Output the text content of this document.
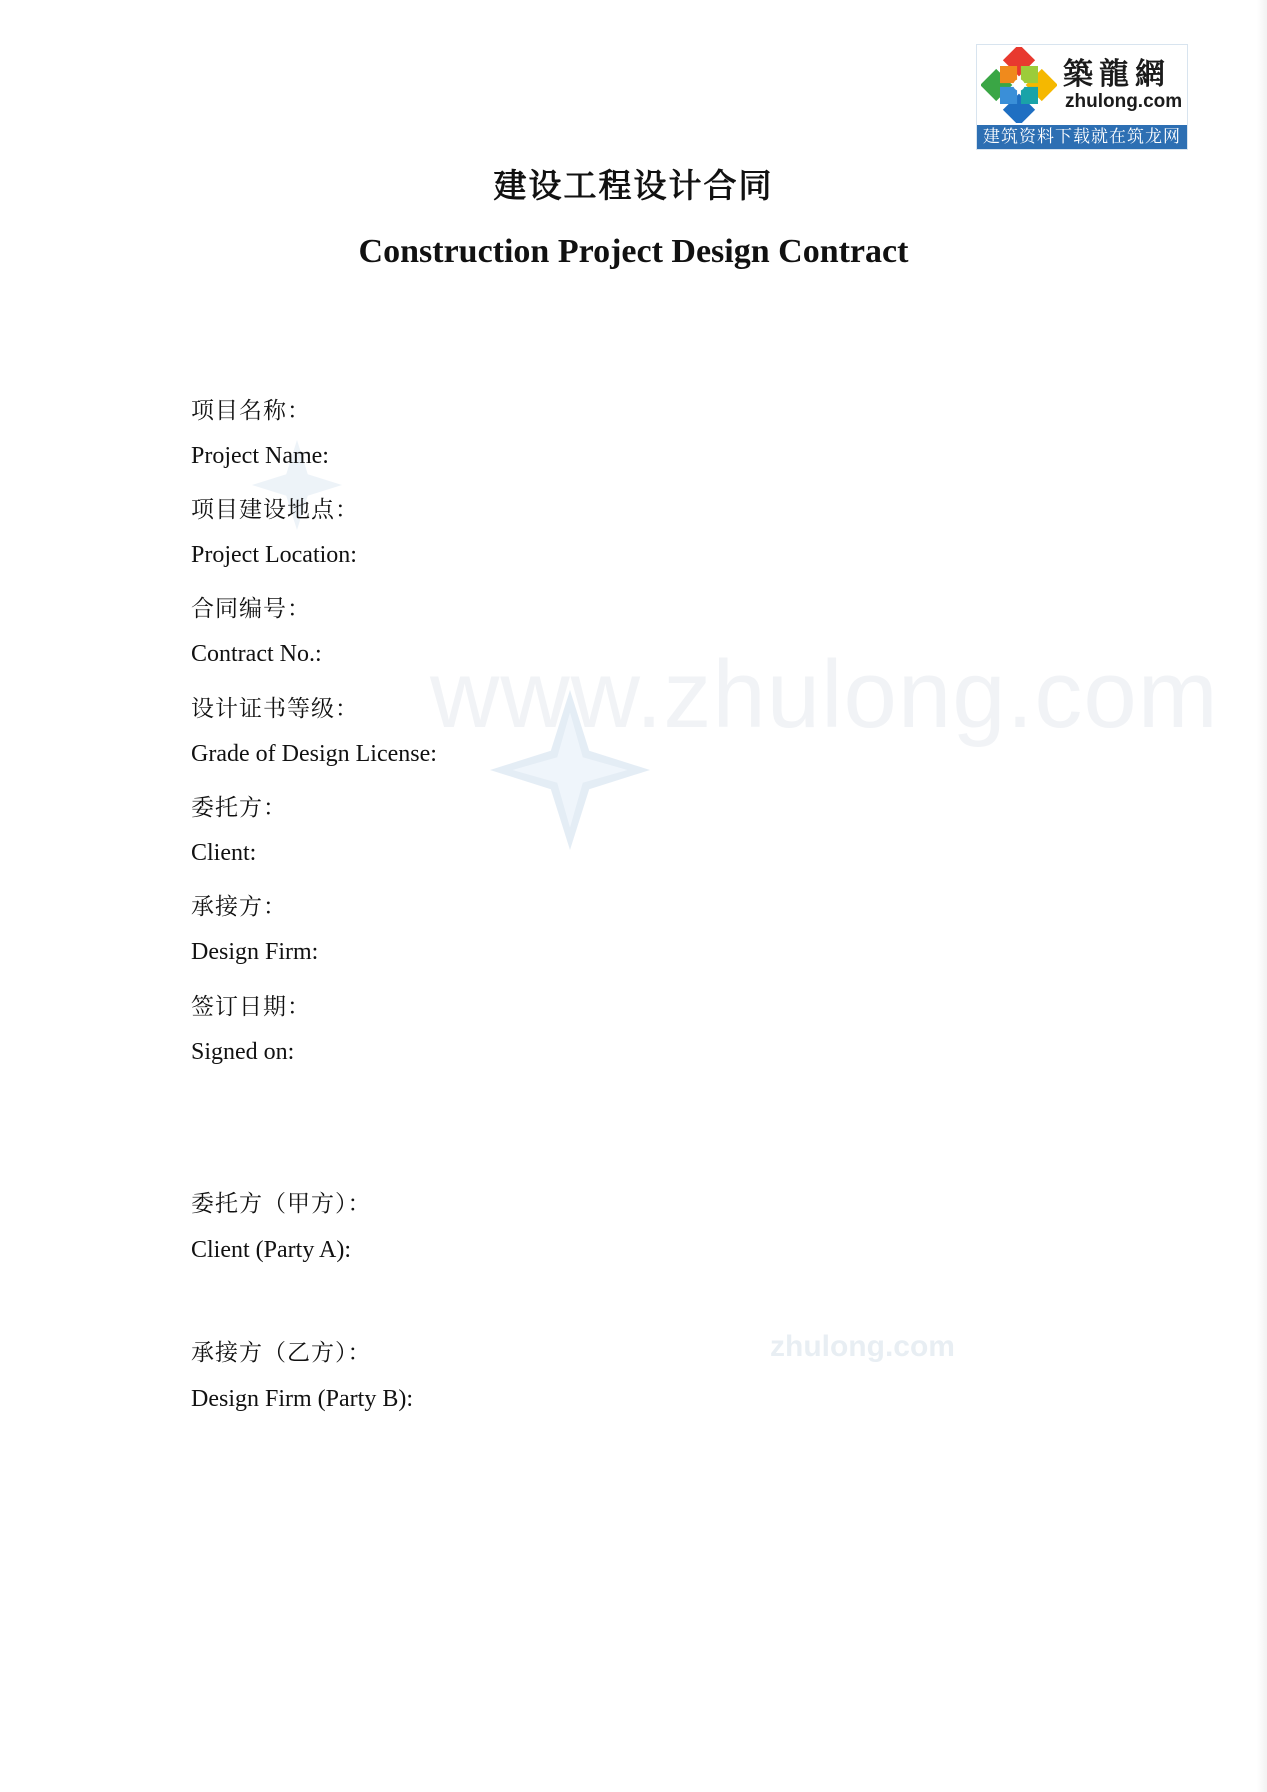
築龍網
zhulong.com
建筑资料下载就在筑龙网
www.zhulong.com
zhulong.com
建设工程设计合同
Construction Project Design Contract
项目名称：
Project Name:
项目建设地点：
Project Location:
合同编号：
Contract No.:
设计证书等级：
Grade of Design License:
委托方：
Client:
承接方：
Design Firm:
签订日期：
Signed on:
委托方（甲方）：
Client (Party A):
承接方（乙方）：
Design Firm (Party B):
